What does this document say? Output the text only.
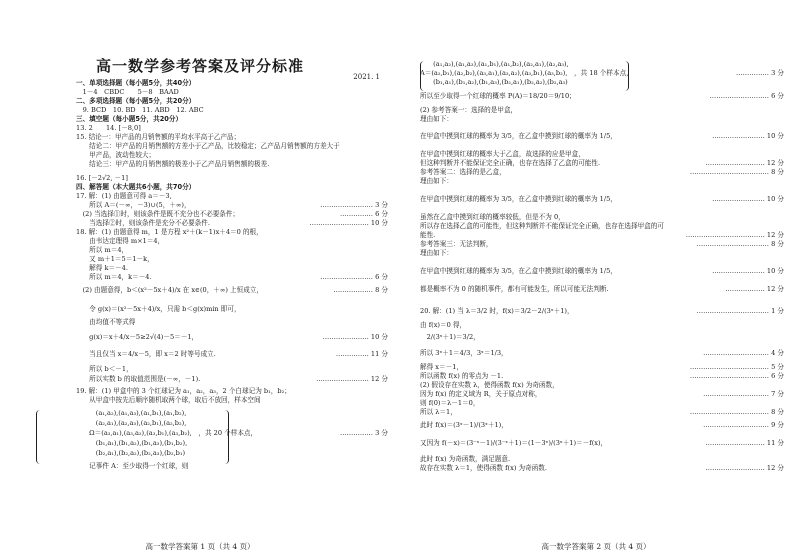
高一数学参考答案及评分标准
2021. 1
一、单项选择题（每小题5分，共40分）
　1－4　CBDC　　5－8　BAAD
二、多项选择题（每小题5分，共20分）
　9. BCD　10. BD　11. ABD　12. ABC
三、填空题（每小题5分，共20分）
13. 2　　14. [－8,0]
15. 结论一：甲产品的月销售额的平均水平高于乙产品；
　　结论二：甲产品的月销售额的方差小于乙产品，比较稳定；乙产品月销售额的方差大于
　　甲产品，波动性较大；
　　结论三：甲产品的月销售额的极差小于乙产品月销售额的极差.
16. [－2√2, －1]
四、解答题（本大题共6小题，共70分）
17. 解：(1) 由题意可得 a＝－3,
　　所以 A＝(－∞，－3)∪(5，＋∞)，
　(2) 当选择①时，则该条件是既不充分也不必要条件；
　　当选择②时，则该条件是充分不必要条件.
18. 解：(1) 由题意得 m，1 是方程 x²＋(k－1)x＋4＝0 的根，
　　由韦达定理得 m×1＝4，
　　所以 m＝4，
　　又 m＋1＝5＝1－k，
　　解得 k＝－4.
　　所以 m＝4，k＝－4.
　(2) 由题意得，b＜(x²－5x＋4)/x 在 x∈(0，＋∞) 上恒成立，
　　令 g(x)＝(x²－5x＋4)/x，只需 b＜g(x)min 即可，
　　由均值不等式得
　　g(x)＝x＋4/x－5≥2√(4)－5＝－1，
　　当且仅当 x＝4/x－5，即 x＝2 时等号成立.
　　所以 b＜－1，
　　所以实数 b 的取值范围是(－∞，－1).
19. 解：(1) 甲盒中的 3 个红球记为 a₁，a₂，a₃，2 个白球记为 b₁，b₂；
　　从甲盒中按先后顺序随机取两个球，取后不放回，样本空间
　　　(a₁,a₂),(a₁,a₃),(a₁,b₁),(a₁,b₂),
　　　(a₂,a₁),(a₂,a₃),(a₂,b₁),(a₂,b₂),
　　Ω＝(a₃,a₁),(a₃,a₂),(a₃,b₁),(a₃,b₂),　，共 20 个样本点，
　　　(b₁,a₁),(b₁,a₂),(b₁,a₃),(b₁,b₂),
　　　(b₂,a₁),(b₂,a₂),(b₂,a₃),(b₂,b₁)
　　记事件 A：至少取得一个红球，则
…………………… 3 分
…………… 6 分
……………………… 10 分
…………………… 6 分
……………… 8 分
………………… 10 分
…………… 11 分
…………………… 12 分
…………… 3 分
高一数学答案第 1 页（共 4 页）
　　(a₁,a₂),(a₁,a₃),(a₁,b₁),(a₁,b₂),(a₂,a₁),(a₂,a₃),
A＝(a₂,b₁),(a₂,b₂),(a₃,a₁),(a₃,a₂),(a₃,b₁),(a₃,b₂),　，共 18 个样本点，
　　(b₁,a₁),(b₁,a₂),(b₁,a₃),(b₂,a₁),(b₂,a₂),(b₂,a₃)
所以至少取得一个红球的概率 P(A)＝18/20＝9/10；
(2) 参考答案一：选择的是甲盒，
理由如下：
在甲盒中摸到红球的概率为 3/5，在乙盒中摸到红球的概率为 1/5，
在甲盒中摸到红球的概率大于乙盒，故选择的应是甲盒，
但这种判断并不能保证完全正确，也存在选择了乙盒的可能性.
参考答案二：选择的是乙盒，
理由如下：
在甲盒中摸到红球的概率为 3/5，在乙盒中摸到红球的概率为 1/5，
虽然在乙盒中摸到红球的概率较低，但是不为 0，
所以存在选择乙盒的可能性，但这种判断并不能保证完全正确，也存在选择甲盒的可
能性.
参考答案三：无法判断，
理由如下：
在甲盒中摸到红球的概率为 3/5，在乙盒中摸到红球的概率为 1/5，
都是概率不为 0 的随机事件，都有可能发生，所以可能无法判断.
20. 解：(1) 当 λ＝3/2 时，f(x)＝3/2－2/(3ˣ＋1)，
由 f(x)＝0 得，
　2/(3ˣ＋1)＝3/2，
所以 3ˣ＋1＝4/3，3ˣ＝1/3，
解得 x＝－1，
所以函数 f(x) 的零点为 －1.
(2) 假设存在实数 λ，使得函数 f(x) 为奇函数，
因为 f(x) 的定义域为 R，关于原点对称，
则 f(0)＝λ－1＝0，
所以 λ＝1，
此时 f(x)＝(3ˣ－1)/(3ˣ＋1)，
又因为 f(－x)＝(3⁻ˣ－1)/(3⁻ˣ＋1)＝(1－3ˣ)/(3ˣ＋1)＝－f(x)，
此时 f(x) 为奇函数，满足题意.
故存在实数 λ＝1，使得函数 f(x) 为奇函数.
…………… 3 分
……………………… 6 分
…………………… 10 分
……………………… 12 分
……………………………… 8 分
…………………… 10 分
……………………………… 12 分
…………………………… 8 分
…………………… 10 分
……………… 12 分
…………………………… 1 分
………………………… 4 分
……………………………… 5 分
……………………………… 6 分
………………………… 7 分
……………………………… 8 分
………………………… 9 分
……………………… 11 分
……………………… 12 分
高一数学答案第 2 页（共 4 页）
